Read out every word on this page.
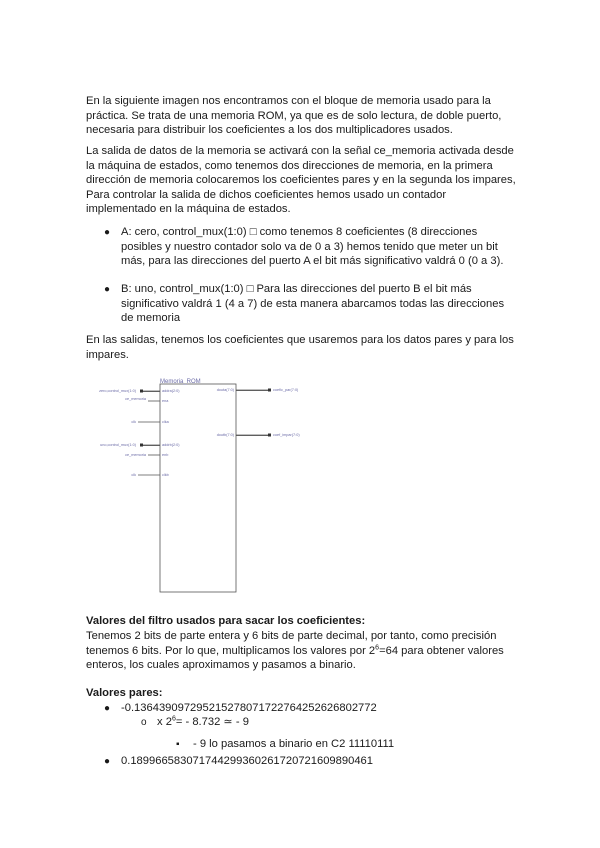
En la siguiente imagen nos encontramos con el bloque de memoria usado para la práctica. Se trata de una memoria ROM, ya que es de solo lectura, de doble puerto, necesaria para distribuir los coeficientes a los dos multiplicadores usados.
La salida de datos de la memoria se activará con la señal ce_memoria activada desde la máquina de estados, como tenemos dos direcciones de memoria, en la primera dirección de memoria colocaremos los coeficientes pares y en la segunda los impares, Para controlar la salida de dichos coeficientes hemos usado un contador implementado en la máquina de estados.
● A: cero, control_mux(1:0) □ como tenemos 8 coeficientes (8 direcciones posibles y nuestro contador solo va de 0 a 3) hemos tenido que meter un bit más, para las direcciones del puerto A el bit más significativo valdrá 0 (0 a 3).
● B: uno, control_mux(1:0) □ Para las direcciones del puerto B el bit más significativo valdrá 1 (4 a 7) de esta manera abarcamos todas las direcciones de memoria
En las salidas, tenemos los coeficientes que usaremos para los datos pares y para los impares.
Memoria_ROM
zero,control_mux(1:0)
ce_memoria
clk
uno,control_mux(1:0)
ce_memoria
clk
addra(2:0)
ena
clka
addrb(2:0)
enb
clkb
douta(7:0)
doutb(7:0)
coefic_par(7:0)
coef_impar(7:0)
Valores del filtro usados para sacar los coeficientes:
Tenemos 2 bits de parte entera y 6 bits de parte decimal, por tanto, como precisión tenemos 6 bits. Por lo que, multiplicamos los valores por $2^6=64$ para obtener valores enteros, los cuales aproximamos y pasamos a binario.
Valores pares:
● -0.136439097295215278071722764252626802772
o x $2^6= - 8.732$ ≃ - 9
▪ - 9 lo pasamos a binario en C2 11110111
● 0.189966583071744299360261720721609890461
